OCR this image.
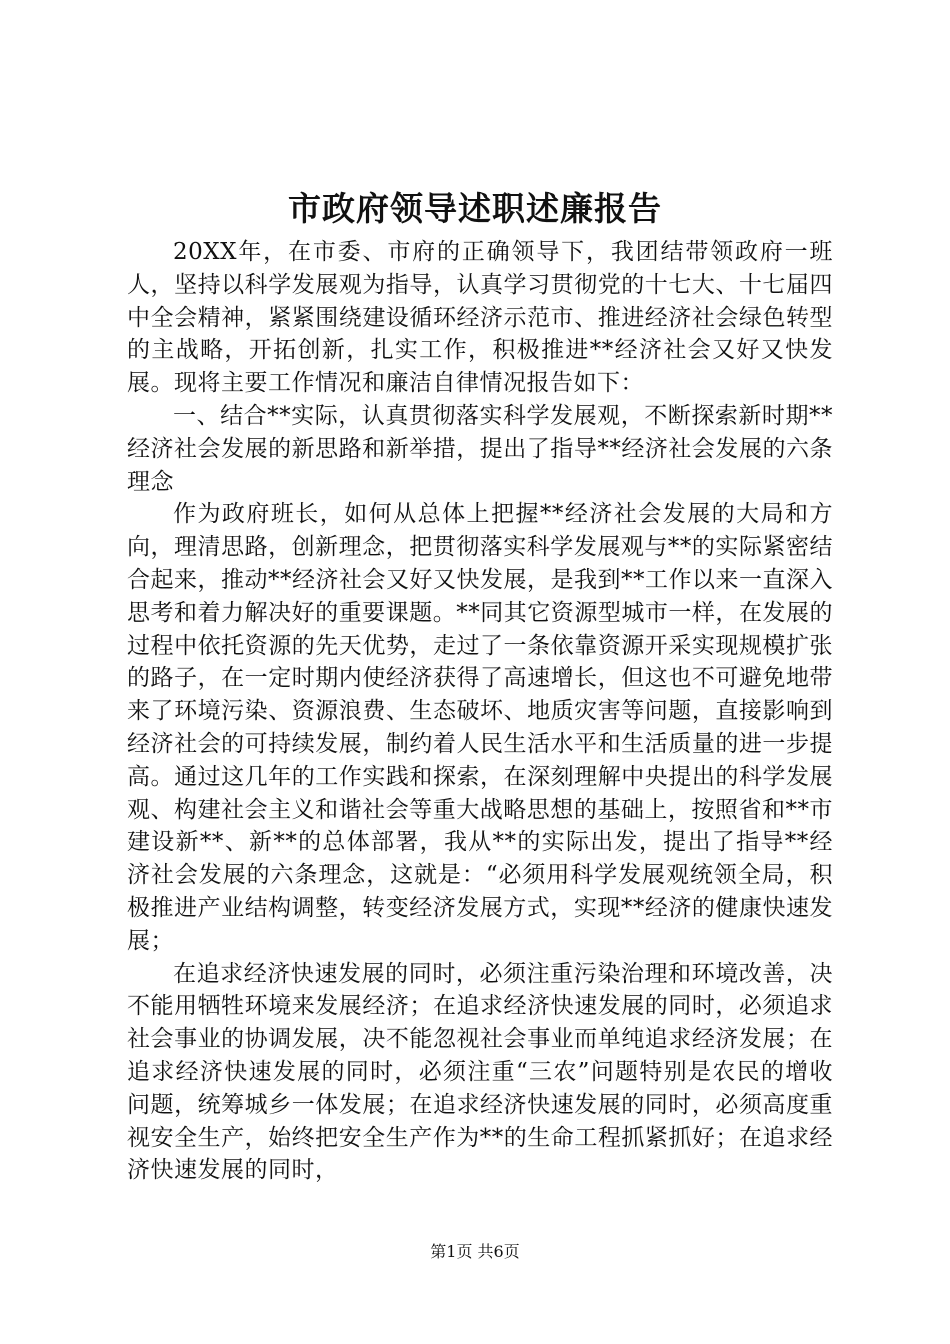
市政府领导述职述廉报告

20XX年，在市委、市府的正确领导下，我团结带领政府一班人，坚持以科学发展观为指导，认真学习贯彻党的十七大、十七届四中全会精神，紧紧围绕建设循环经济示范市、推进经济社会绿色转型的主战略，开拓创新，扎实工作，积极推进**经济社会又好又快发展。现将主要工作情况和廉洁自律情况报告如下：

一、结合**实际，认真贯彻落实科学发展观，不断探索新时期**经济社会发展的新思路和新举措，提出了指导**经济社会发展的六条理念

作为政府班长，如何从总体上把握**经济社会发展的大局和方向，理清思路，创新理念，把贯彻落实科学发展观与**的实际紧密结合起来，推动**经济社会又好又快发展，是我到**工作以来一直深入思考和着力解决好的重要课题。**同其它资源型城市一样，在发展的过程中依托资源的先天优势，走过了一条依靠资源开采实现规模扩张的路子，在一定时期内使经济获得了高速增长，但这也不可避免地带来了环境污染、资源浪费、生态破坏、地质灾害等问题，直接影响到经济社会的可持续发展，制约着人民生活水平和生活质量的进一步提高。通过这几年的工作实践和探索，在深刻理解中央提出的科学发展观、构建社会主义和谐社会等重大战略思想的基础上，按照省和**市建设新**、新**的总体部署，我从**的实际出发，提出了指导**经济社会发展的六条理念，这就是：“必须用科学发展观统领全局，积极推进产业结构调整，转变经济发展方式，实现**经济的健康快速发展；

在追求经济快速发展的同时，必须注重污染治理和环境改善，决不能用牺牲环境来发展经济；在追求经济快速发展的同时，必须追求社会事业的协调发展，决不能忽视社会事业而单纯追求经济发展；在追求经济快速发展的同时，必须注重“三农”问题特别是农民的增收问题，统筹城乡一体发展；在追求经济快速发展的同时，必须高度重视安全生产，始终把安全生产作为**的生命工程抓紧抓好；在追求经济快速发展的同时，

第1页 共6页
